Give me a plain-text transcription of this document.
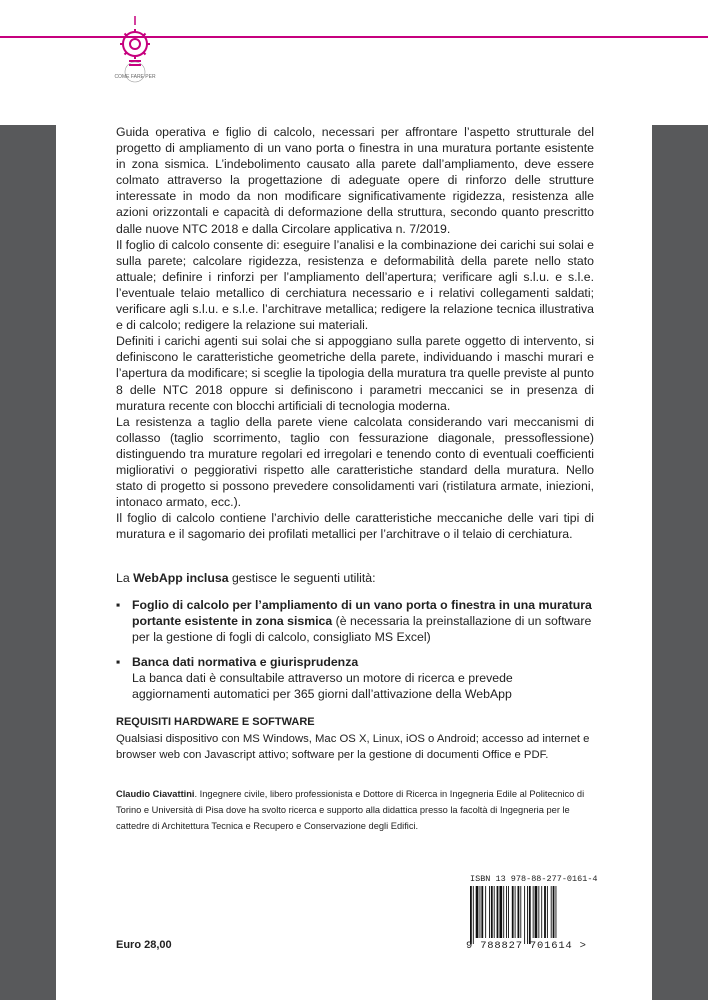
COME FARE PER

Guida operativa e figlio di calcolo, necessari per affrontare l’aspetto strutturale del progetto di ampliamento di un vano porta o finestra in una muratura portante esistente in zona sismica. L’indebolimento causato alla parete dall’ampliamento, deve essere colmato attraverso la progettazione di adeguate opere di rinforzo delle strutture interessate in modo da non modificare significativamente rigidezza, resistenza alle azioni orizzontali e capacità di deformazione della struttura, secondo quanto prescritto dalle nuove NTC 2018 e dalla Circolare applicativa n. 7/2019.

Il foglio di calcolo consente di: eseguire l’analisi e la combinazione dei carichi sui solai e sulla parete; calcolare rigidezza, resistenza e deformabilità della parete nello stato attuale; definire i rinforzi per l’ampliamento dell’apertura; verificare agli s.l.u. e s.l.e. l’eventuale telaio metallico di cerchiatura necessario e i relativi collegamenti saldati; verificare agli s.l.u. e s.l.e. l’architrave metallica; redigere la relazione tecnica illustrativa e di calcolo; redigere la relazione sui materiali.

Definiti i carichi agenti sui solai che si appoggiano sulla parete oggetto di intervento, si definiscono le caratteristiche geometriche della parete, individuando i maschi murari e l’apertura da modificare; si sceglie la tipologia della muratura tra quelle previste al punto 8 delle NTC 2018 oppure si definiscono i parametri meccanici se in presenza di muratura recente con blocchi artificiali di tecnologia moderna.

La resistenza a taglio della parete viene calcolata considerando vari meccanismi di collasso (taglio scorrimento, taglio con fessurazione diagonale, pressoflessione) distinguendo tra murature regolari ed irregolari e tenendo conto di eventuali coefficienti migliorativi o peggiorativi rispetto alle caratteristiche standard della muratura. Nello stato di progetto si possono prevedere consolidamenti vari (ristilatura armate, iniezioni, intonaco armato, ecc.).

Il foglio di calcolo contiene l’archivio delle caratteristiche meccaniche delle vari tipi di muratura e il sagomario dei profilati metallici per l’architrave o il telaio di cerchiatura.

La WebApp inclusa gestisce le seguenti utilità:
▪ Foglio di calcolo per l’ampliamento di un vano porta o finestra in una muratura portante esistente in zona sismica (è necessaria la preinstallazione di un software per la gestione di fogli di calcolo, consigliato MS Excel)
▪ Banca dati normativa e giurisprudenza
La banca dati è consultabile attraverso un motore di ricerca e prevede aggiornamenti automatici per 365 giorni dall’attivazione della WebApp
REQUISITI HARDWARE E SOFTWARE
Qualsiasi dispositivo con MS Windows, Mac OS X, Linux, iOS o Android; accesso ad internet e browser web con Javascript attivo; software per la gestione di documenti Office e PDF.
Claudio Ciavattini. Ingegnere civile, libero professionista e Dottore di Ricerca in Ingegneria Edile al Politecnico di Torino e Università di Pisa dove ha svolto ricerca e supporto alla didattica presso la facoltà di Ingegneria per le cattedre di Architettura Tecnica e Recupero e Conservazione degli Edifici.
Euro 28,00
ISBN 13 978-88-277-0161-4
9 788827 701614 >
